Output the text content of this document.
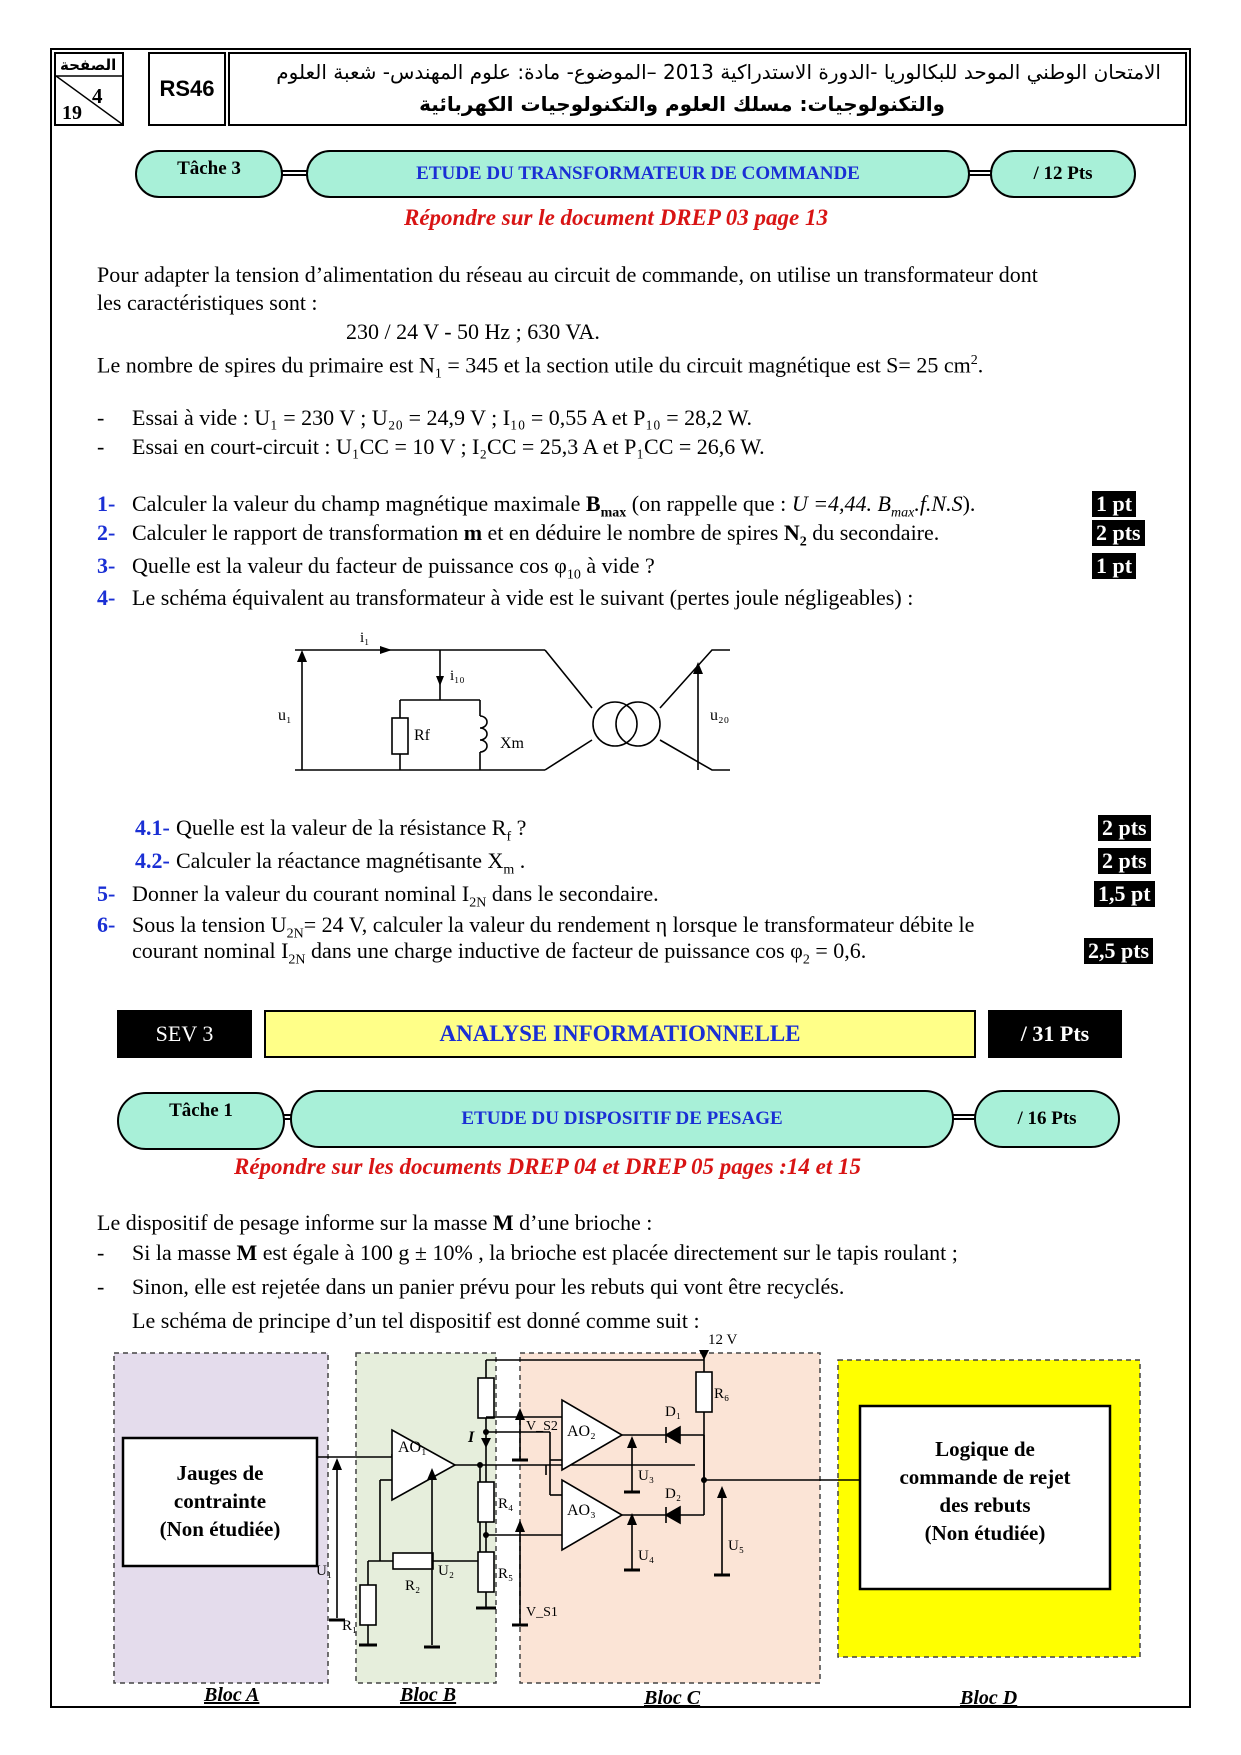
الصفحة
4
19
RS46
الامتحان الوطني الموحد للبكالوريا -الدورة الاستدراكية 2013 –الموضوع- مادة: علوم المهندس- شعبة العلوم
والتكنولوجيات: مسلك العلوم والتكنولوجيات الكهربائية
Tâche 3	ETUDE DU TRANSFORMATEUR DE COMMANDE	/ 12 Pts
Répondre sur le document DREP 03 page 13
Pour adapter la tension d’alimentation du réseau au circuit de commande, on utilise un transformateur dont
les caractéristiques sont :
230 / 24 V - 50 Hz ; 630 VA.
Le nombre de spires du primaire est $N_1 = 345$ et la section utile du circuit magnétique est S= 25 $cm^2$.
- Essai à vide : U₁ = 230 V ; U₂₀ = 24,9 V ; I₁₀ = 0,55 A et P₁₀ = 28,2 W.
- Essai en court-circuit : U₁CC = 10 V ; I₂CC = 25,3 A et P₁CC = 26,6 W.
1- Calculer la valeur du champ magnétique maximale $B_{max}$ (on rappelle que : U =4,44. $B_{max}.f.N.S$).	1 pt
2- Calculer le rapport de transformation m et en déduire le nombre de spires $N_2$ du secondaire.	2 pts
3- Quelle est la valeur du facteur de puissance $\cos \varphi_{10}$ à vide ?	1 pt
4- Le schéma équivalent au transformateur à vide est le suivant (pertes joule négligeables) :
i₁
i₁₀
u₁	u₂₀
Rf	Xm
4.1- Quelle est la valeur de la résistance $R_f$ ?	2 pts
4.2- Calculer la réactance magnétisante $X_m$ .	2 pts
5- Donner la valeur du courant nominal $I_{2N}$ dans le secondaire.	1,5 pt
6- Sous la tension $U_{2N}= 24$ V, calculer la valeur du rendement η lorsque le transformateur débite le
courant nominal $I_{2N}$ dans une charge inductive de facteur de puissance $\cos \varphi_2 = 0,6$.	2,5 pts
SEV 3	ANALYSE INFORMATIONNELLE	/ 31 Pts
Tâche 1	ETUDE DU DISPOSITIF DE PESAGE	/ 16 Pts
Répondre sur les documents DREP 04 et DREP 05 pages :14 et 15
Le dispositif de pesage informe sur la masse M d’une brioche :
- Si la masse M est égale à 100 g ± 10% , la brioche est placée directement sur le tapis roulant ;
- Sinon, elle est rejetée dans un panier prévu pour les rebuts qui vont être recyclés.
Le schéma de principe d’un tel dispositif est donné comme suit :
Jauges de
contrainte
(Non étudiée)
Logique de
commande de rejet
des rebuts
(Non étudiée)
12 V
AO₁
AO₂
AO₃
R₁
R₂
R₄
R₅
R₆
D₁
D₂
U₁	U₂
U₃
U₄
U₅
V_S2
V_S1
I
Bloc A	Bloc B	Bloc C	Bloc D
